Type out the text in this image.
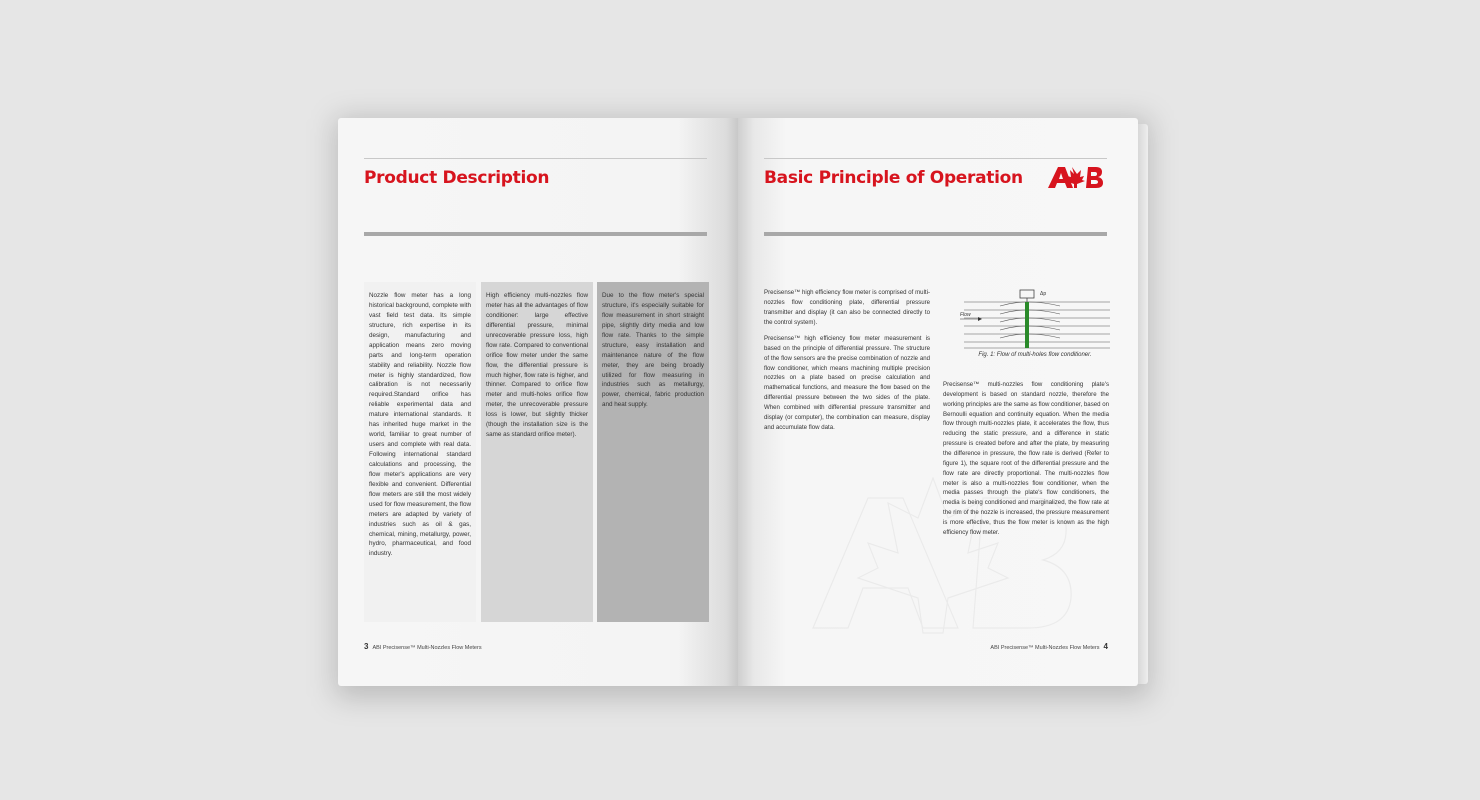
Product Description
Nozzle flow meter has a long historical background, complete with vast field test data. Its simple structure, rich expertise in its design, manufacturing and application means zero moving parts and long-term operation stability and reliability. Nozzle flow meter is highly standardized, flow calibration is not necessarily required.Standard orifice has reliable experimental data and mature international standards. It has inherited huge market in the world, familiar to great number of users and complete with real data. Following international standard calculations and processing, the flow meter's applications are very flexible and convenient. Differential flow meters are still the most widely used for flow measurement, the flow meters are adapted by variety of industries such as oil & gas, chemical, mining, metallurgy, power, hydro, pharmaceutical, and food industry.
High efficiency multi-nozzles flow meter has all the advantages of flow conditioner: large effective differential pressure, minimal unrecoverable pressure loss, high flow rate. Compared to conventional orifice flow meter under the same flow, the differential pressure is much higher, flow rate is higher, and thinner. Compared to orifice flow meter and multi-holes orifice flow meter, the unrecoverable pressure loss is lower, but slightly thicker (though the installation size is the same as standard orifice meter).
Due to the flow meter's special structure, it's especially suitable for flow measurement in short straight pipe, slightly dirty media and low flow rate. Thanks to the simple structure, easy installation and maintenance nature of the flow meter, they are being broadly utilized for flow measuring in industries such as metallurgy, power, chemical, fabric production and heat supply.
3 ABI Precisense™ Multi-Nozzles Flow Meters
Basic Principle of Operation

Precisense™ high efficiency flow meter is comprised of multi-nozzles flow conditioning plate, differential pressure transmitter and display (it can also be connected directly to the control system).

Precisense™ high efficiency flow meter measurement is based on the principle of differential pressure. The structure of the flow sensors are the precise combination of nozzle and flow conditioner, which means machining multiple precision nozzles on a plate based on precise calculation and mathematical functions, and measure the flow based on the differential pressure between the two sides of the plate. When combined with differential pressure transmitter and display (or computer), the combination can measure, display and accumulate flow data.

Δp
Flow

Fig. 1: Flow of multi-holes flow conditioner.

Precisense™ multi-nozzles flow conditioning plate's development is based on standard nozzle, therefore the working principles are the same as flow conditioner, based on Bernoulli equation and continuity equation. When the media flow through multi-nozzles plate, it accelerates the flow, thus reducing the static pressure, and a difference in static pressure is created before and after the plate, by measuring the difference in pressure, the flow rate is derived (Refer to figure 1), the square root of the differential pressure and the flow rate are directly proportional. The multi-nozzles flow meter is also a multi-nozzles flow conditioner, when the media passes through the plate's flow conditioners, the media is being conditioned and marginalized, the flow rate at the rim of the nozzle is increased, the pressure measurement is more effective, thus the flow meter is known as the high efficiency flow meter.

ABI Precisense™ Multi-Nozzles Flow Meters 4
